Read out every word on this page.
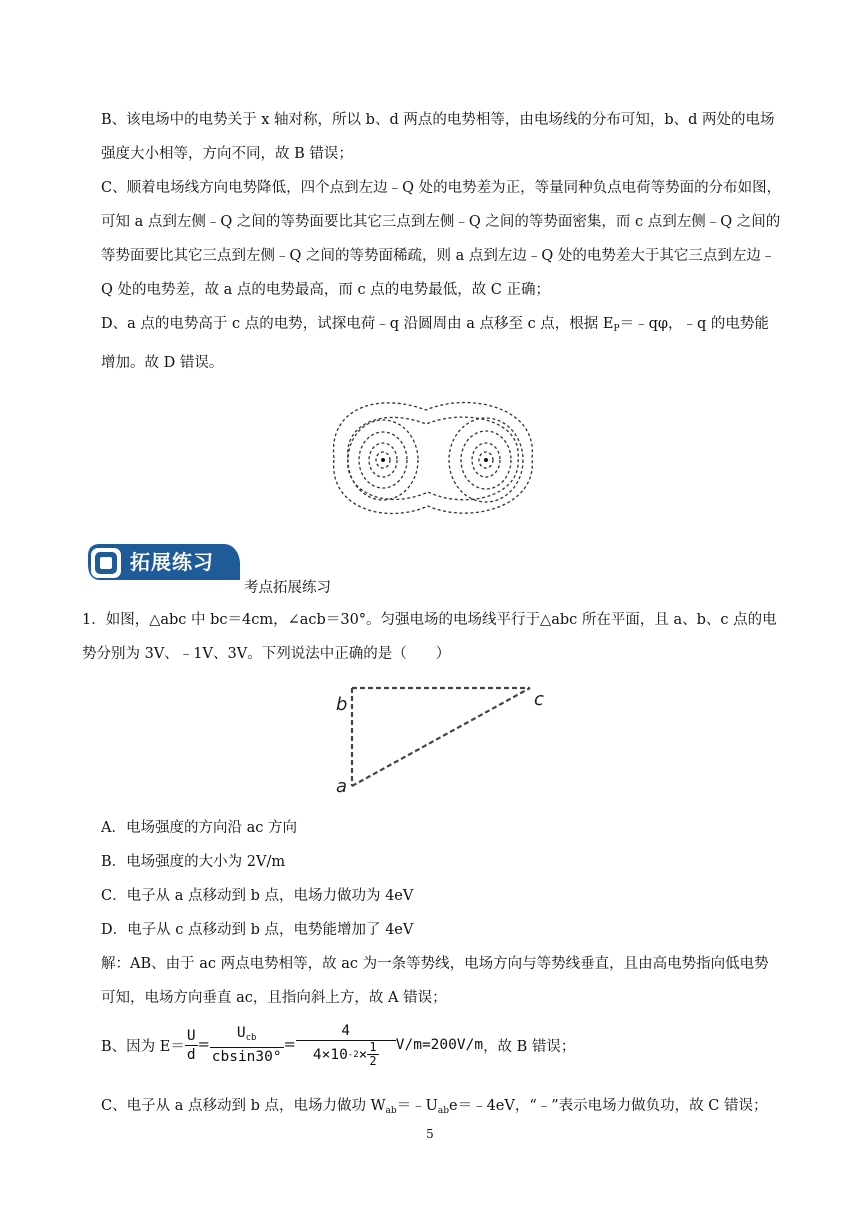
B、该电场中的电势关于 x 轴对称，所以 b、d 两点的电势相等，由电场线的分布可知，b、d 两处的电场强度大小相等，方向不同，故 B 错误；

C、顺着电场线方向电势降低，四个点到左边﹣Q 处的电势差为正，等量同种负点电荷等势面的分布如图，可知 a 点到左侧﹣Q 之间的等势面要比其它三点到左侧﹣Q 之间的等势面密集，而 c 点到左侧﹣Q 之间的等势面要比其它三点到左侧﹣Q 之间的等势面稀疏，则 a 点到左边﹣Q 处的电势差大于其它三点到左边﹣Q 处的电势差，故 a 点的电势最高，而 c 点的电势最低，故 C 正确；

D、a 点的电势高于 c 点的电势，试探电荷﹣q 沿圆周由 a 点移至 c 点，根据 $E_P=﹣q\varphi$，﹣q 的电势能增加。故 D 错误。

拓展练习
考点拓展练习
1．如图，△abc 中 bc＝4cm，∠acb＝30°。匀强电场的电场线平行于△abc 所在平面，且 a、b、c 点的电势分别为 3V、﹣1V、3V。下列说法中正确的是（　　）
b	c
a
A．电场强度的方向沿 ac 方向
B．电场强度的大小为 2V/m
C．电子从 a 点移动到 b 点，电场力做功为 4eV
D．电子从 c 点移动到 b 点，电势能增加了 4eV
解：AB、由于 ac 两点电势相等，故 ac 为一条等势线，电场方向与等势线垂直，且由高电势指向低电势可知，电场方向垂直 ac，且指向斜上方，故 A 错误；
B、因为 $E= \frac{U}{d} = \frac{U_{cb}}{cbsin30^\circ} = \frac{4}{4\times 10 -2 \times \frac{1}{2}} V/m=200V/m$ ，故 B 错误；
C、电子从 a 点移动到 b 点，电场力做功 $W_{ab}=﹣U_{ab}e=﹣4eV$，“﹣”表示电场力做负功，故 C 错误；
5
